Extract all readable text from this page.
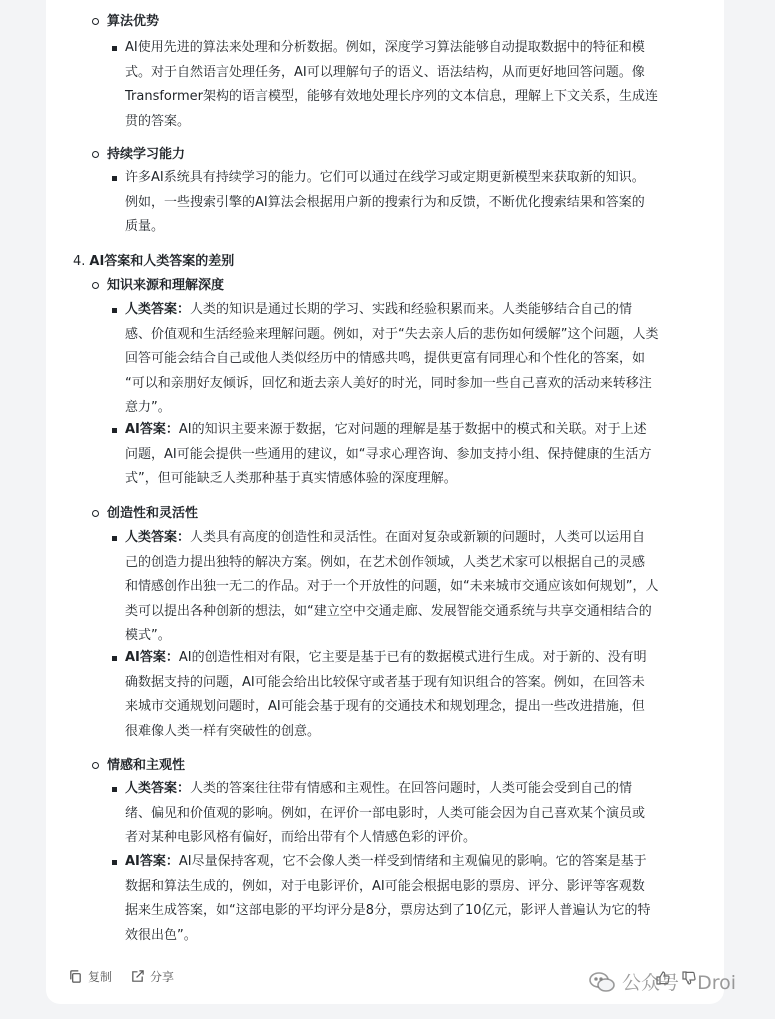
算法优势
AI使用先进的算法来处理和分析数据。例如，深度学习算法能够自动提取数据中的特征和模
式。对于自然语言处理任务，AI可以理解句子的语义、语法结构，从而更好地回答问题。像
Transformer架构的语言模型，能够有效地处理长序列的文本信息，理解上下文关系，生成连
贯的答案。
持续学习能力
许多AI系统具有持续学习的能力。它们可以通过在线学习或定期更新模型来获取新的知识。
例如，一些搜索引擎的AI算法会根据用户新的搜索行为和反馈，不断优化搜索结果和答案的
质量。
4. AI答案和人类答案的差别
知识来源和理解深度
人类答案：人类的知识是通过长期的学习、实践和经验积累而来。人类能够结合自己的情
感、价值观和生活经验来理解问题。例如，对于“失去亲人后的悲伤如何缓解”这个问题，人类
回答可能会结合自己或他人类似经历中的情感共鸣，提供更富有同理心和个性化的答案，如
“可以和亲朋好友倾诉，回忆和逝去亲人美好的时光，同时参加一些自己喜欢的活动来转移注
意力”。
AI答案：AI的知识主要来源于数据，它对问题的理解是基于数据中的模式和关联。对于上述
问题，AI可能会提供一些通用的建议，如“寻求心理咨询、参加支持小组、保持健康的生活方
式”，但可能缺乏人类那种基于真实情感体验的深度理解。
创造性和灵活性
人类答案：人类具有高度的创造性和灵活性。在面对复杂或新颖的问题时，人类可以运用自
己的创造力提出独特的解决方案。例如，在艺术创作领域，人类艺术家可以根据自己的灵感
和情感创作出独一无二的作品。对于一个开放性的问题，如“未来城市交通应该如何规划”，人
类可以提出各种创新的想法，如“建立空中交通走廊、发展智能交通系统与共享交通相结合的
模式”。
AI答案：AI的创造性相对有限，它主要是基于已有的数据模式进行生成。对于新的、没有明
确数据支持的问题，AI可能会给出比较保守或者基于现有知识组合的答案。例如，在回答未
来城市交通规划问题时，AI可能会基于现有的交通技术和规划理念，提出一些改进措施，但
很难像人类一样有突破性的创意。
情感和主观性
人类答案：人类的答案往往带有情感和主观性。在回答问题时，人类可能会受到自己的情
绪、偏见和价值观的影响。例如，在评价一部电影时，人类可能会因为自己喜欢某个演员或
者对某种电影风格有偏好，而给出带有个人情感色彩的评价。
AI答案：AI尽量保持客观，它不会像人类一样受到情绪和主观偏见的影响。它的答案是基于
数据和算法生成的，例如，对于电影评价，AI可能会根据电影的票房、评分、影评等客观数
据来生成答案，如“这部电影的平均评分是8分，票房达到了10亿元，影评人普遍认为它的特
效很出色”。
复制	分享	公众号 · Droi
